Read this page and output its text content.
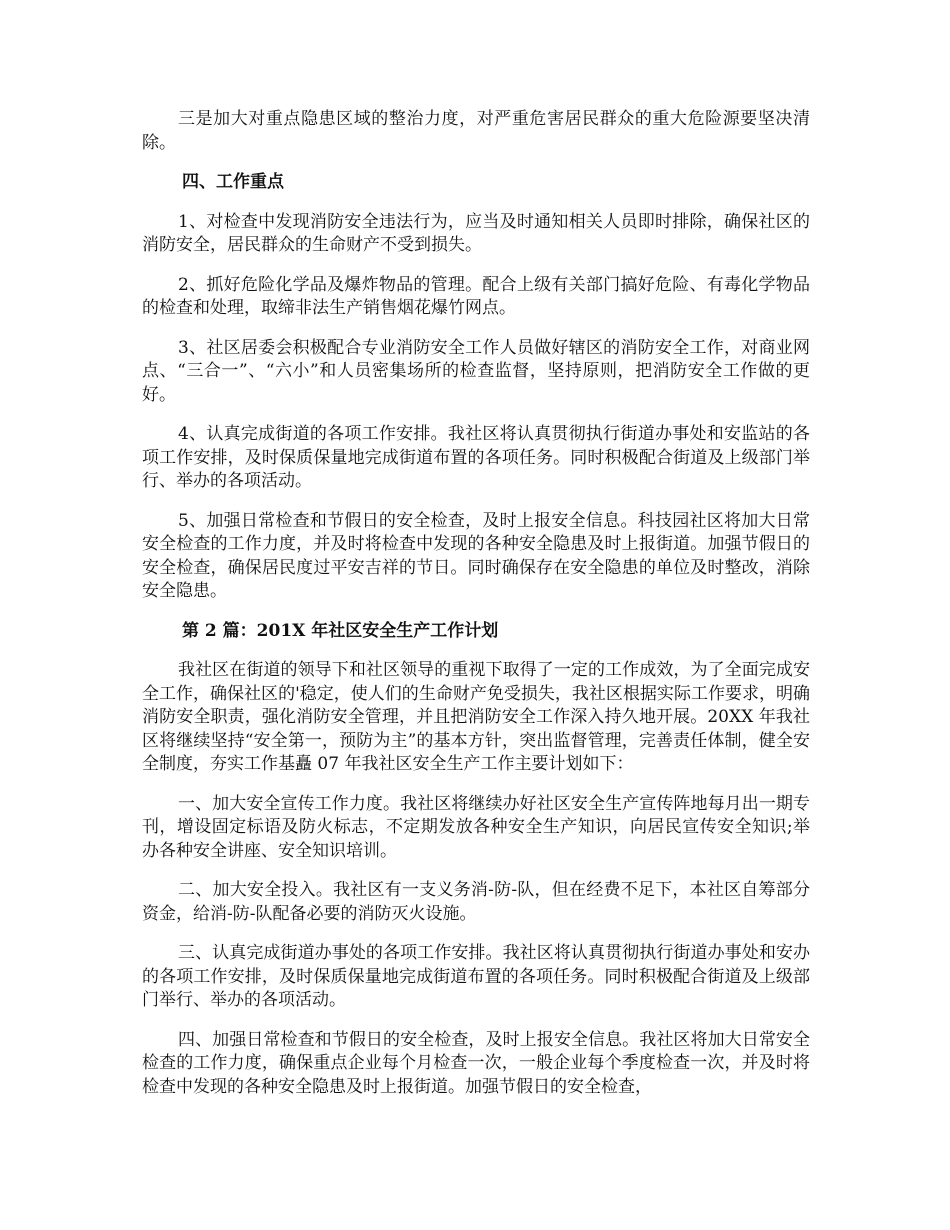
三是加大对重点隐患区域的整治力度，对严重危害居民群众的重大危险源要坚决清除。

四、工作重点

1、对检查中发现消防安全违法行为，应当及时通知相关人员即时排除，确保社区的消防安全，居民群众的生命财产不受到损失。

2、抓好危险化学品及爆炸物品的管理。配合上级有关部门搞好危险、有毒化学物品的检查和处理，取缔非法生产销售烟花爆竹网点。

3、社区居委会积极配合专业消防安全工作人员做好辖区的消防安全工作，对商业网点、“三合一”、“六小”和人员密集场所的检查监督，坚持原则，把消防安全工作做的更好。

4、认真完成街道的各项工作安排。我社区将认真贯彻执行街道办事处和安监站的各项工作安排，及时保质保量地完成街道布置的各项任务。同时积极配合街道及上级部门举行、举办的各项活动。

5、加强日常检查和节假日的安全检查，及时上报安全信息。科技园社区将加大日常安全检查的工作力度，并及时将检查中发现的各种安全隐患及时上报街道。加强节假日的安全检查，确保居民度过平安吉祥的节日。同时确保存在安全隐患的单位及时整改，消除安全隐患。

第 2 篇：201X 年社区安全生产工作计划

我社区在街道的领导下和社区领导的重视下取得了一定的工作成效，为了全面完成安全工作，确保社区的'稳定，使人们的生命财产免受损失，我社区根据实际工作要求，明确消防安全职责，强化消防安全管理，并且把消防安全工作深入持久地开展。20XX 年我社区将继续坚持“安全第一，预防为主”的基本方针，突出监督管理，完善责任体制，健全安全制度，夯实工作基矗 07 年我社区安全生产工作主要计划如下：

一、加大安全宣传工作力度。我社区将继续办好社区安全生产宣传阵地每月出一期专刊，增设固定标语及防火标志，不定期发放各种安全生产知识，向居民宣传安全知识;举办各种安全讲座、安全知识培训。

二、加大安全投入。我社区有一支义务消-防-队，但在经费不足下，本社区自筹部分资金，给消-防-队配备必要的消防灭火设施。

三、认真完成街道办事处的各项工作安排。我社区将认真贯彻执行街道办事处和安办的各项工作安排，及时保质保量地完成街道布置的各项任务。同时积极配合街道及上级部门举行、举办的各项活动。

四、加强日常检查和节假日的安全检查，及时上报安全信息。我社区将加大日常安全检查的工作力度，确保重点企业每个月检查一次，一般企业每个季度检查一次，并及时将检查中发现的各种安全隐患及时上报街道。加强节假日的安全检查，
